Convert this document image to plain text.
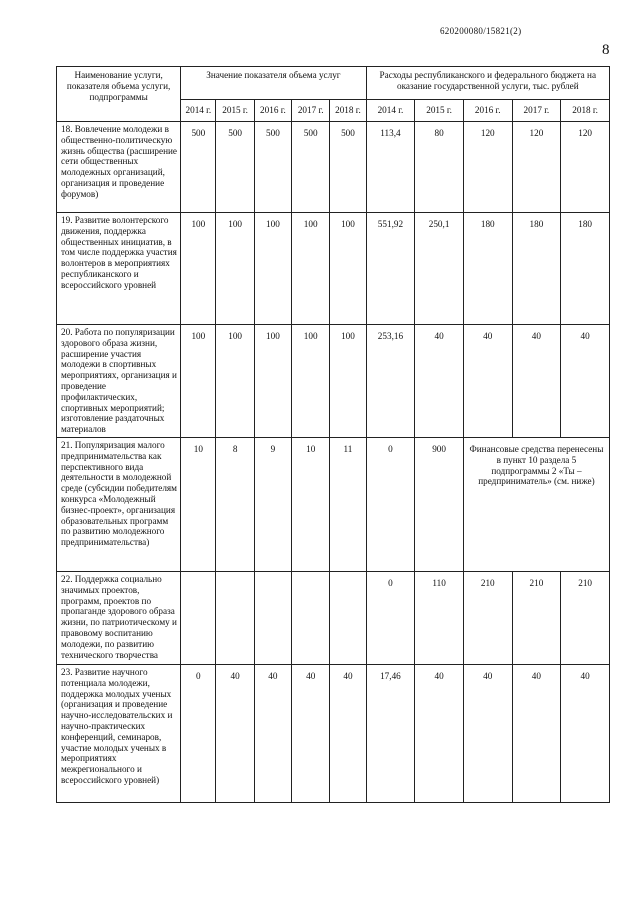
620200080/15821(2)
8
Наименование услуги, показателя объема услуги, подпрограммы	Значение показателя объема услуг					Расходы республиканского и федерального бюджета на оказание государственной услуги, тыс. рублей				
	2014 г.	2015 г.	2016 г.	2017 г.	2018 г.	2014 г.	2015 г.	2016 г.	2017 г.	2018 г.
18. Вовлечение молодежи в общественно-политическую жизнь общества (расширение сети общественных молодежных организаций, организация и проведение форумов)	500	500	500	500	500	113,4	80	120	120	120
19. Развитие волонтерского движения, поддержка общественных инициатив, в том числе поддержка участия волонтеров в мероприятиях республиканского и всероссийского уровней	100	100	100	100	100	551,92	250,1	180	180	180
20. Работа по популяризации здорового образа жизни, расширение участия молодежи в спортивных мероприятиях, организация и проведение профилактических, спортивных мероприятий; изготовление раздаточных материалов	100	100	100	100	100	253,16	40	40	40	40
21. Популяризация малого предпринимательства как перспективного вида деятельности в молодежной среде (субсидии победителям конкурса «Молодежный бизнес-проект», организация образовательных программ по развитию молодежного предпринимательства)	10	8	9	10	11	0	900	Финансовые средства перенесены в пункт 10 раздела 5 подпрограммы 2 «Ты – предприниматель» (см. ниже)		
22. Поддержка социально значимых проектов, программ, проектов по пропаганде здорового образа жизни, по патриотическому и правовому воспитанию молодежи, по развитию технического творчества						0	110	210	210	210
23. Развитие научного потенциала молодежи, поддержка молодых ученых (организация и проведение научно-исследовательских и научно-практических конференций, семинаров, участие молодых ученых в мероприятиях межрегионального и всероссийского уровней)	0	40	40	40	40	17,46	40	40	40	40
